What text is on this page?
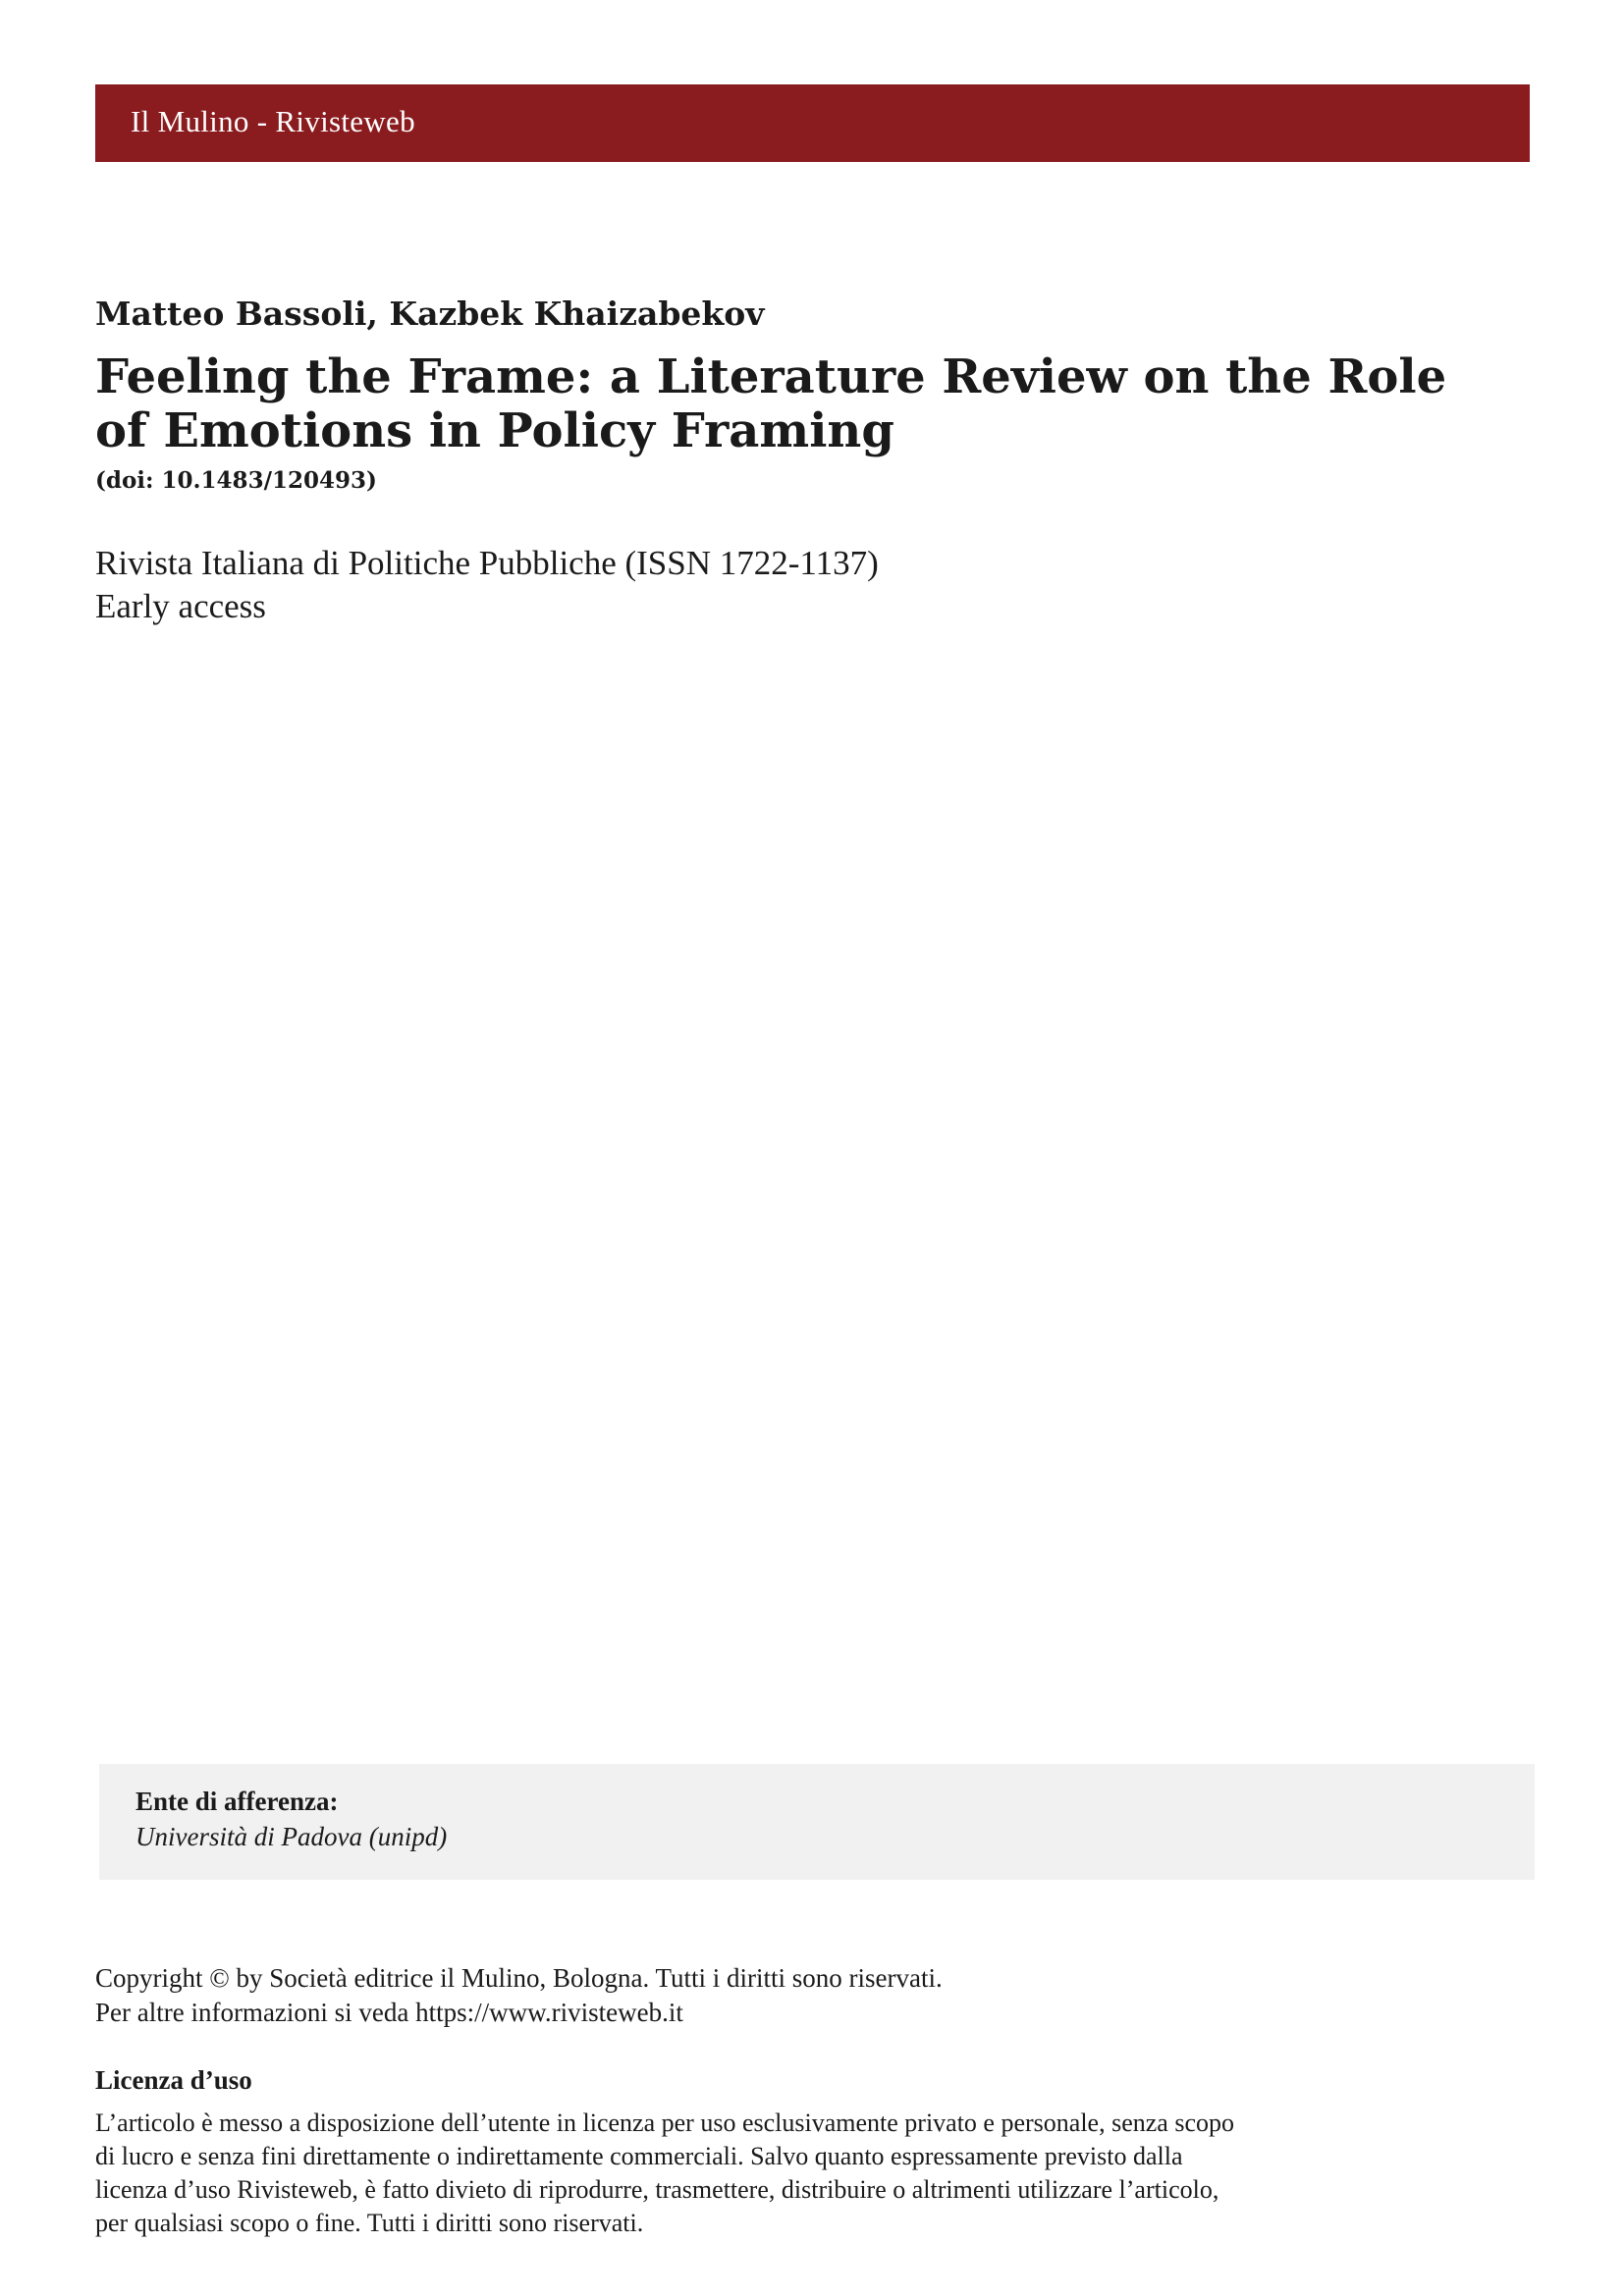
Il Mulino - Rivisteweb
Matteo Bassoli, Kazbek Khaizabekov
Feeling the Frame: a Literature Review on the Role
of Emotions in Policy Framing
(doi: 10.1483/120493)
Rivista Italiana di Politiche Pubbliche (ISSN 1722-1137)
Early access
Ente di afferenza:
Università di Padova (unipd)
Copyright © by Società editrice il Mulino, Bologna. Tutti i diritti sono riservati.
Per altre informazioni si veda https://www.rivisteweb.it
Licenza d’uso
L’articolo è messo a disposizione dell’utente in licenza per uso esclusivamente privato e personale, senza scopo
di lucro e senza fini direttamente o indirettamente commerciali. Salvo quanto espressamente previsto dalla
licenza d’uso Rivisteweb, è fatto divieto di riprodurre, trasmettere, distribuire o altrimenti utilizzare l’articolo,
per qualsiasi scopo o fine. Tutti i diritti sono riservati.
